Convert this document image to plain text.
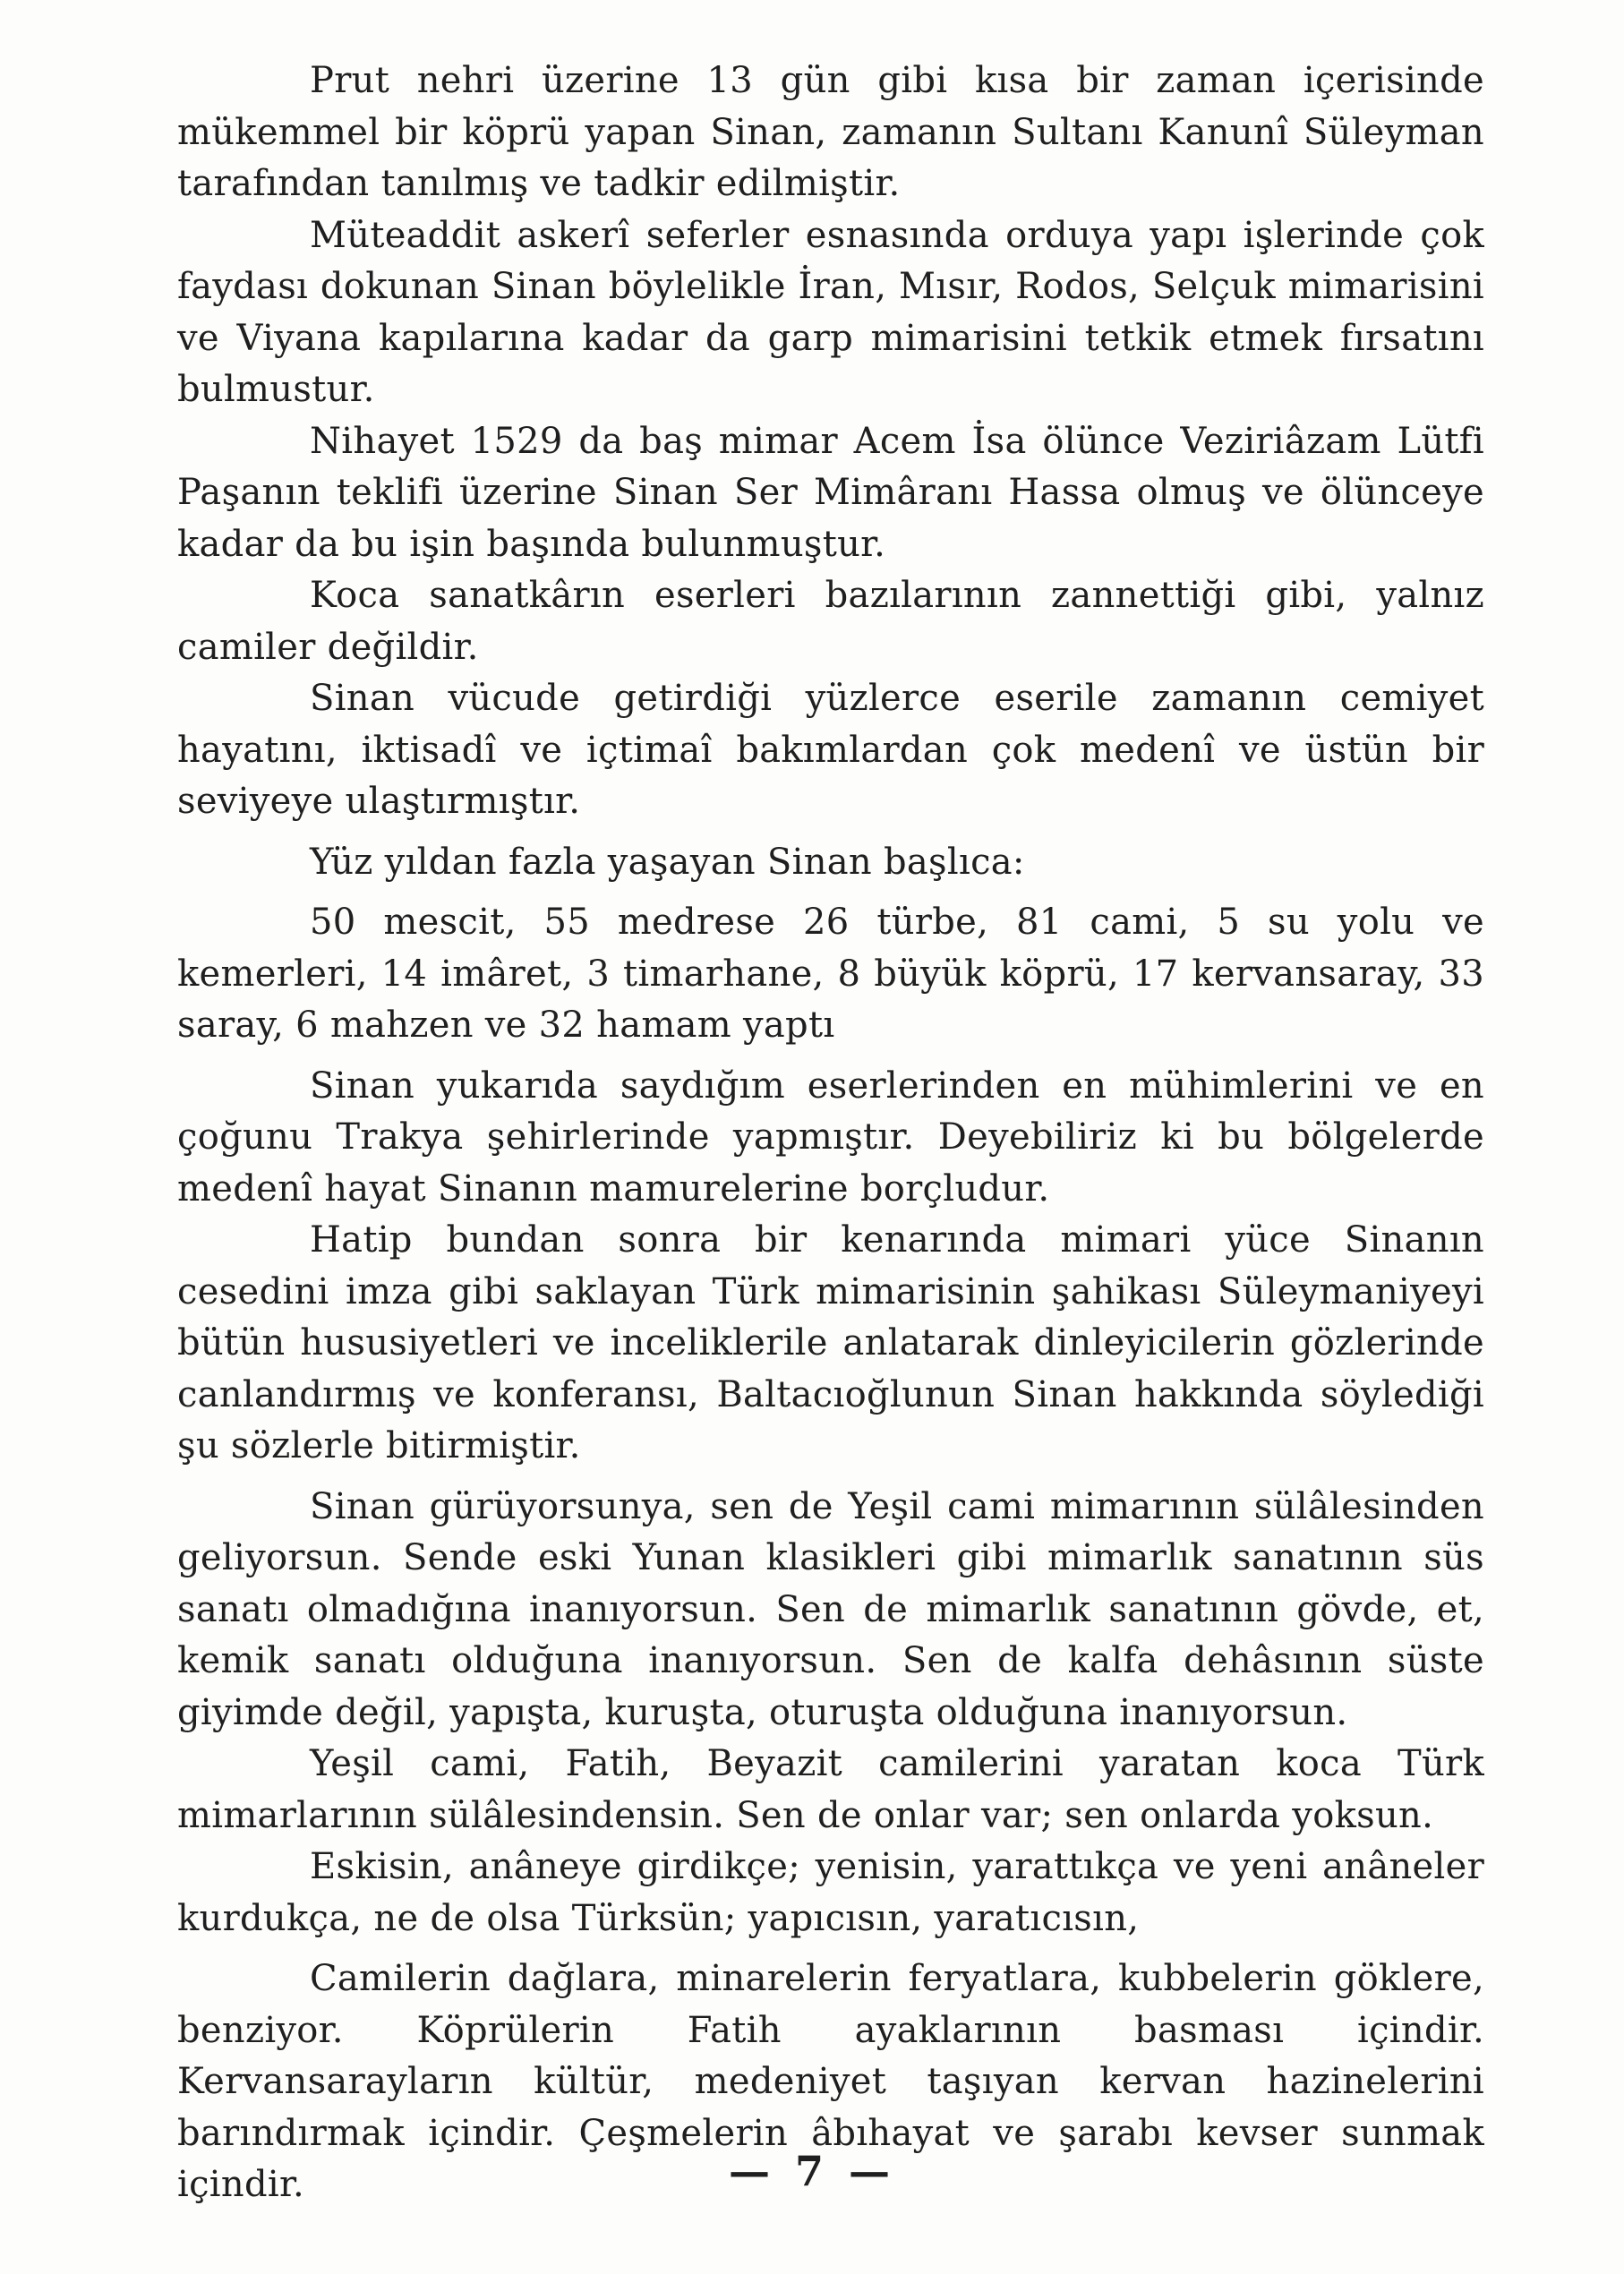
Prut nehri üzerine 13 gün gibi kısa bir zaman içerisinde mükemmel bir köprü yapan Sinan, zamanın Sultanı Kanunî Süleyman tarafından tanılmış ve tadkir edilmiştir.

Müteaddit askerî seferler esnasında orduya yapı işlerinde çok faydası dokunan Sinan böylelikle İran, Mısır, Rodos, Selçuk mimarisini ve Viyana kapılarına kadar da garp mimarisini tetkik etmek fırsatını bulmustur.

Nihayet 1529 da baş mimar Acem İsa ölünce Veziriâzam Lütfi Paşanın teklifi üzerine Sinan Ser Mimâranı Hassa olmuş ve ölünceye kadar da bu işin başında bulunmuştur.

Koca sanatkârın eserleri bazılarının zannettiği gibi, yalnız camiler değildir.

Sinan vücude getirdiği yüzlerce eserile zamanın cemiyet hayatını, iktisadî ve içtimaî bakımlardan çok medenî ve üstün bir seviyeye ulaştırmıştır.

Yüz yıldan fazla yaşayan Sinan başlıca:

50 mescit, 55 medrese 26 türbe, 81 cami, 5 su yolu ve kemerleri, 14 imâret, 3 timarhane, 8 büyük köprü, 17 kervansaray, 33 saray, 6 mahzen ve 32 hamam yaptı

Sinan yukarıda saydığım eserlerinden en mühimlerini ve en çoğunu Trakya şehirlerinde yapmıştır. Deyebiliriz ki bu bölgelerde medenî hayat Sinanın mamurelerine borçludur.

Hatip bundan sonra bir kenarında mimari yüce Sinanın cesedini imza gibi saklayan Türk mimarisinin şahikası Süleymaniyeyi bütün hususiyetleri ve inceliklerile anlatarak dinleyicilerin gözlerinde canlandırmış ve konferansı, Baltacıoğlunun Sinan hakkında söylediği şu sözlerle bitirmiştir.

Sinan gürüyorsunya, sen de Yeşil cami mimarının sülâlesinden geliyorsun. Sende eski Yunan klasikleri gibi mimarlık sanatının süs sanatı olmadığına inanıyorsun. Sen de mimarlık sanatının gövde, et, kemik sanatı olduğuna inanıyorsun. Sen de kalfa dehâsının süste giyimde değil, yapışta, kuruşta, oturuşta olduğuna inanıyorsun.

Yeşil cami, Fatih, Beyazit camilerini yaratan koca Türk mimarlarının sülâlesindensin. Sen de onlar var; sen onlarda yoksun.

Eskisin, anâneye girdikçe; yenisin, yarattıkça ve yeni anâneler kurdukça, ne de olsa Türksün; yapıcısın, yaratıcısın,

Camilerin dağlara, minarelerin feryatlara, kubbelerin göklere, benziyor. Köprülerin Fatih ayaklarının basması içindir. Kervansarayların kültür, medeniyet taşıyan kervan hazinelerini barındırmak içindir. Çeşmelerin âbıhayat ve şarabı kevser sunmak içindir.	— 7 —
